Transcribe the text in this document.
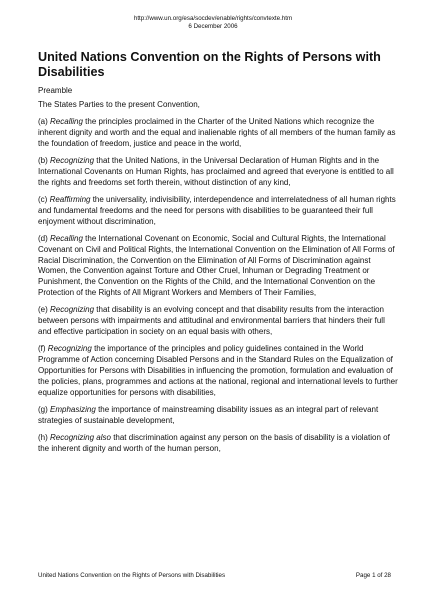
http://www.un.org/esa/socdev/enable/rights/convtexte.htm
6 December 2006
United Nations Convention on the Rights of Persons with Disabilities
Preamble
The States Parties to the present Convention,

(a) Recalling the principles proclaimed in the Charter of the United Nations which recognize the inherent dignity and worth and the equal and inalienable rights of all members of the human family as the foundation of freedom, justice and peace in the world,

(b) Recognizing that the United Nations, in the Universal Declaration of Human Rights and in the International Covenants on Human Rights, has proclaimed and agreed that everyone is entitled to all the rights and freedoms set forth therein, without distinction of any kind,

(c) Reaffirming the universality, indivisibility, interdependence and interrelatedness of all human rights and fundamental freedoms and the need for persons with disabilities to be guaranteed their full enjoyment without discrimination,

(d) Recalling the International Covenant on Economic, Social and Cultural Rights, the International Covenant on Civil and Political Rights, the International Convention on the Elimination of All Forms of Racial Discrimination, the Convention on the Elimination of All Forms of Discrimination against Women, the Convention against Torture and Other Cruel, Inhuman or Degrading Treatment or Punishment, the Convention on the Rights of the Child, and the International Convention on the Protection of the Rights of All Migrant Workers and Members of Their Families,

(e) Recognizing that disability is an evolving concept and that disability results from the interaction between persons with impairments and attitudinal and environmental barriers that hinders their full and effective participation in society on an equal basis with others,

(f) Recognizing the importance of the principles and policy guidelines contained in the World Programme of Action concerning Disabled Persons and in the Standard Rules on the Equalization of Opportunities for Persons with Disabilities in influencing the promotion, formulation and evaluation of the policies, plans, programmes and actions at the national, regional and international levels to further equalize opportunities for persons with disabilities,

(g) Emphasizing the importance of mainstreaming disability issues as an integral part of relevant strategies of sustainable development,

(h) Recognizing also that discrimination against any person on the basis of disability is a violation of the inherent dignity and worth of the human person,

United Nations Convention on the Rights of Persons with Disabilities	Page 1 of 28
